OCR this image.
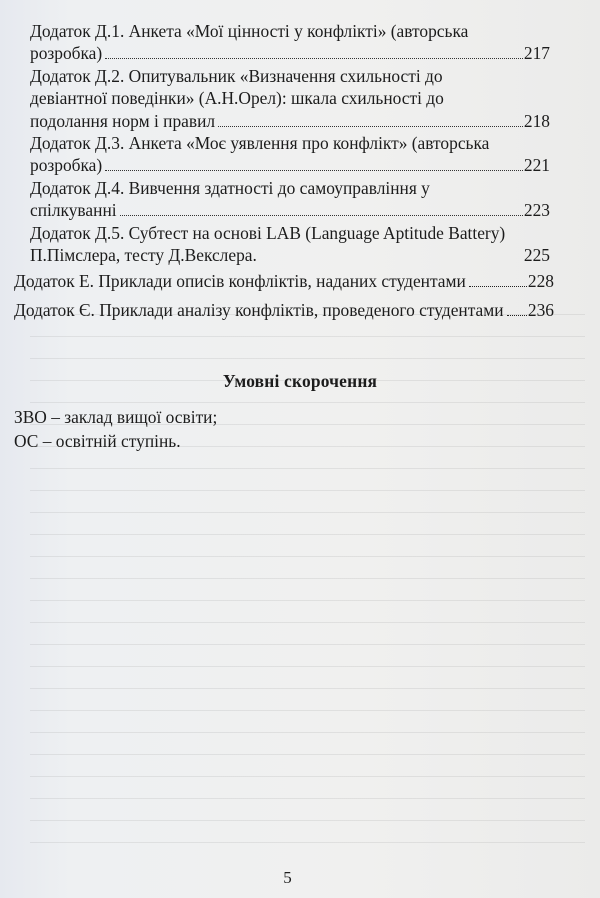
Додаток Д.1. Анкета «Мої цінності у конфлікті» (авторська
розробка)	217
Додаток Д.2. Опитувальник «Визначення схильності до
девіантної поведінки» (А.Н.Орел): шкала схильності до
подолання норм і правил	218
Додаток Д.3. Анкета «Моє уявлення про конфлікт» (авторська
розробка)	221
Додаток Д.4. Вивчення здатності до самоуправління у
спілкуванні	223
Додаток Д.5. Субтест на основі LAB (Language Aptitude Battery)
П.Пімслера, тесту Д.Векслера.	225
Додаток Е. Приклади описів конфліктів, наданих студентами	228
Додаток Є. Приклади аналізу конфліктів, проведеного студентами 236
Умовні скорочення
ЗВО – заклад вищої освіти;
ОС – освітній ступінь.
5
